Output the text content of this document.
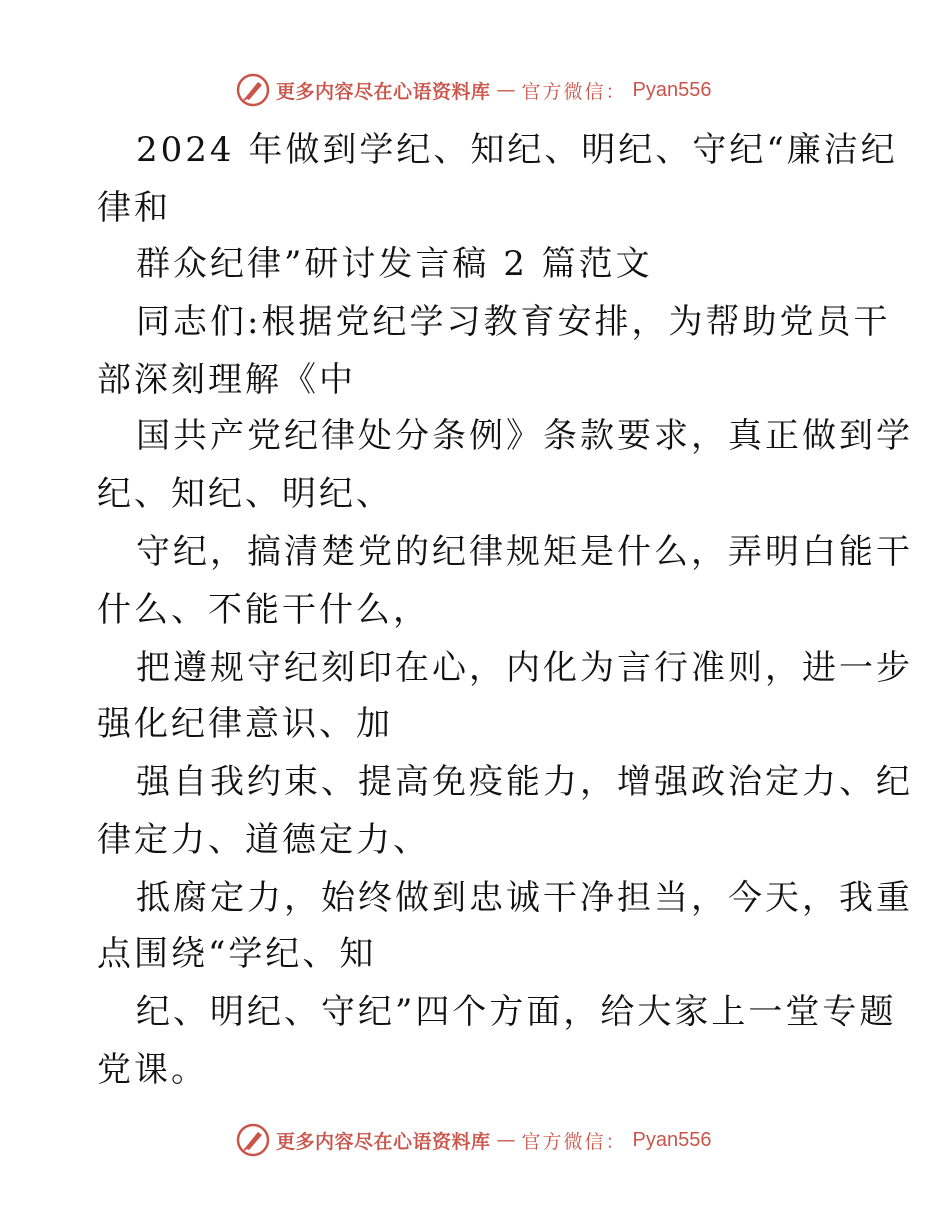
更多内容尽在心语资料库 — 官方微信： Pyan556
2024 年做到学纪、知纪、明纪、守纪“廉洁纪
律和
群众纪律”研讨发言稿 2 篇范文
同志们:根据党纪学习教育安排，为帮助党员干
部深刻理解《中
国共产党纪律处分条例》条款要求，真正做到学
纪、知纪、明纪、
守纪，搞清楚党的纪律规矩是什么，弄明白能干
什么、不能干什么，
把遵规守纪刻印在心，内化为言行准则，进一步
强化纪律意识、加
强自我约束、提高免疫能力，增强政治定力、纪
律定力、道德定力、
抵腐定力，始终做到忠诚干净担当，今天，我重
点围绕“学纪、知
纪、明纪、守纪”四个方面，给大家上一堂专题
党课。
更多内容尽在心语资料库 — 官方微信： Pyan556
